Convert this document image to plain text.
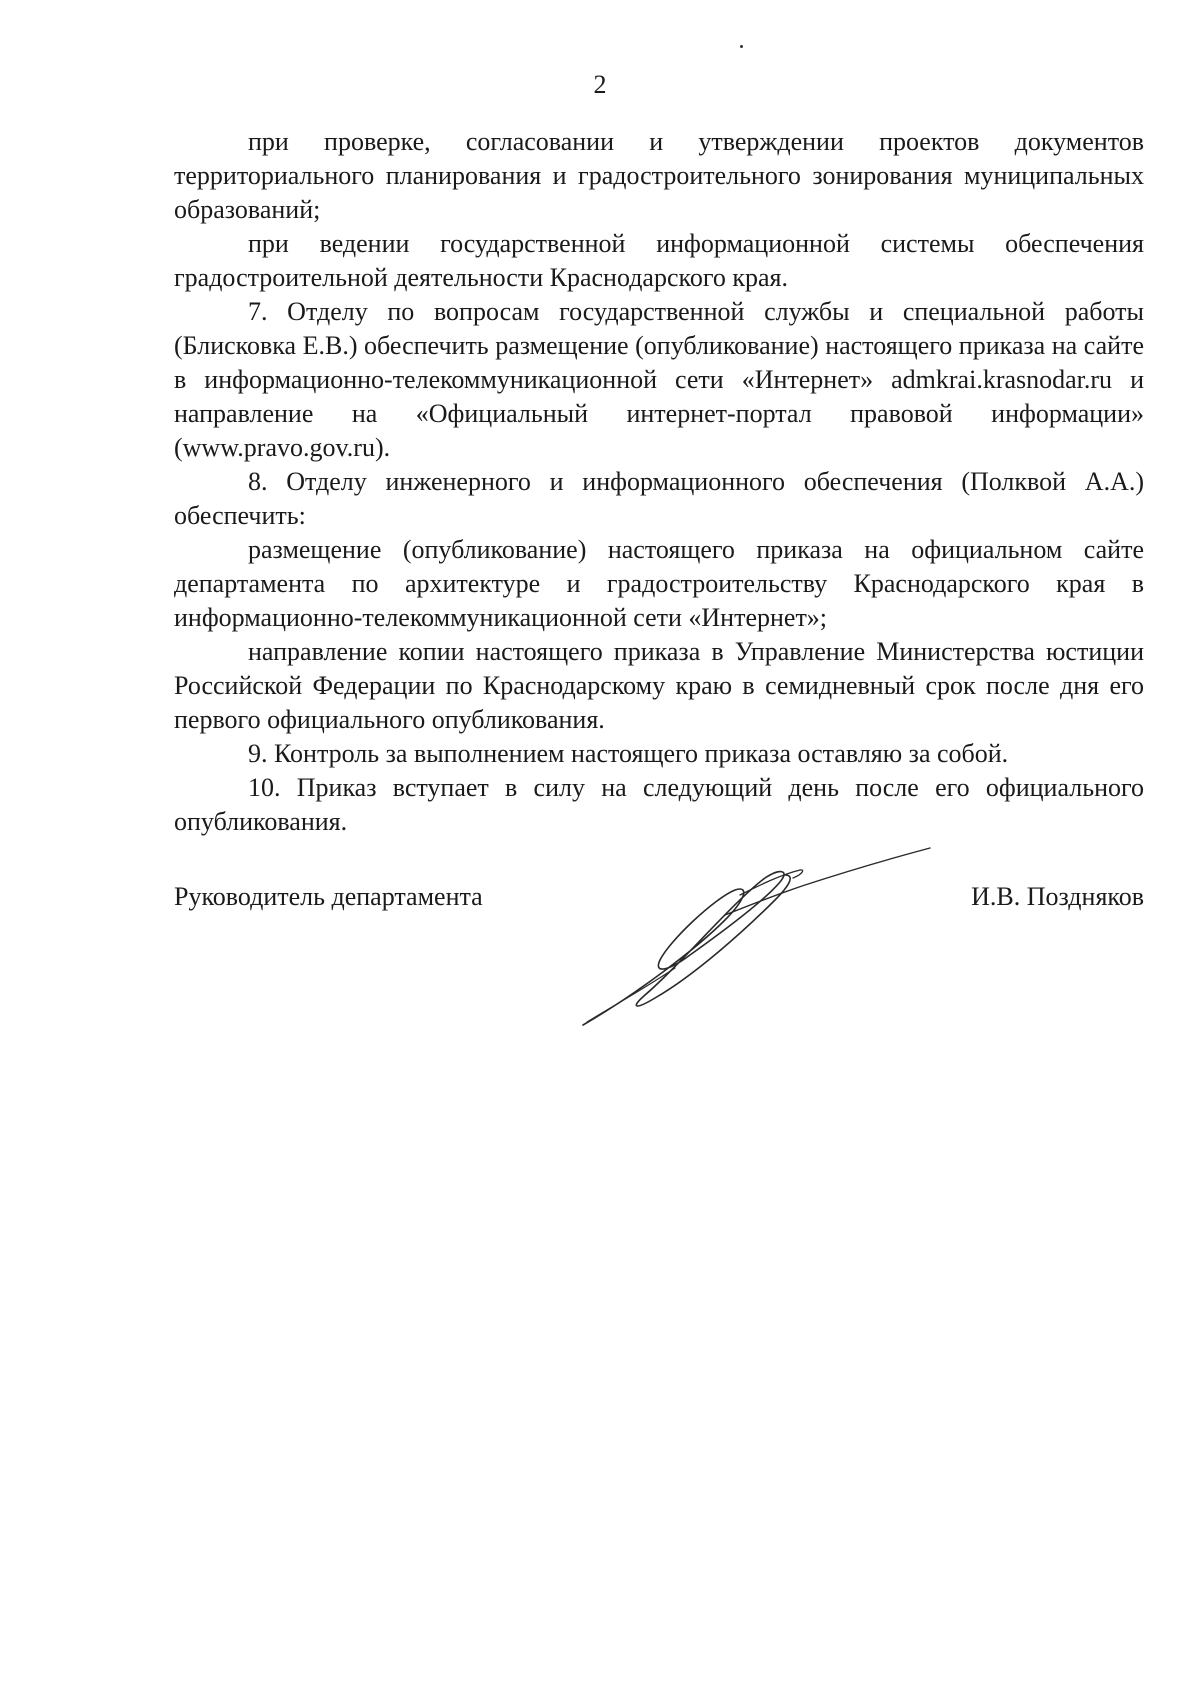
2

при проверке, согласовании и утверждении проектов документов территориального планирования и градостроительного зонирования муниципальных образований;

при ведении государственной информационной системы обеспечения градостроительной деятельности Краснодарского края.

7. Отделу по вопросам государственной службы и специальной работы (Блисковка Е.В.) обеспечить размещение (опубликование) настоящего приказа на сайте в информационно-телекоммуникационной сети «Интернет» admkrai.krasnodar.ru и направление на «Официальный интернет-портал правовой информации» (www.pravo.gov.ru).

8. Отделу инженерного и информационного обеспечения (Полквой А.А.) обеспечить:

размещение (опубликование) настоящего приказа на официальном сайте департамента по архитектуре и градостроительству Краснодарского края в информационно-телекоммуникационной сети «Интернет»;

направление копии настоящего приказа в Управление Министерства юстиции Российской Федерации по Краснодарскому краю в семидневный срок после дня его первого официального опубликования.

9. Контроль за выполнением настоящего приказа оставляю за собой.

10. Приказ вступает в силу на следующий день после его официального опубликования.

Руководитель департамента	И.В. Поздняков
